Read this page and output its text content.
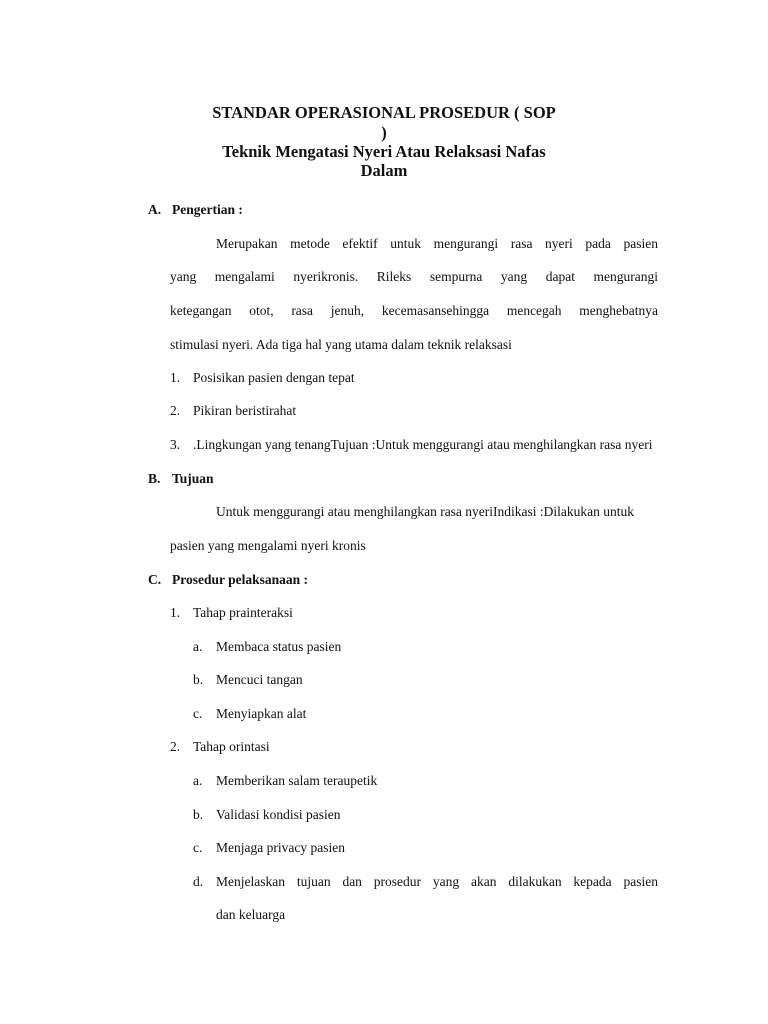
STANDAR OPERASIONAL PROSEDUR ( SOP
)
Teknik Mengatasi Nyeri Atau Relaksasi Nafas
Dalam
A. Pengertian :
Merupakan metode efektif untuk mengurangi rasa nyeri pada pasien
yang mengalami nyerikronis. Rileks sempurna yang dapat mengurangi
ketegangan otot, rasa jenuh, kecemasansehingga mencegah menghebatnya
stimulasi nyeri. Ada tiga hal yang utama dalam teknik relaksasi
1. Posisikan pasien dengan tepat
2. Pikiran beristirahat
3. .Lingkungan yang tenangTujuan :Untuk menggurangi atau menghilangkan rasa nyeri
B. Tujuan
Untuk menggurangi atau menghilangkan rasa nyeriIndikasi :Dilakukan untuk
pasien yang mengalami nyeri kronis
C. Prosedur pelaksanaan :
1. Tahap prainteraksi
a. Membaca status pasien
b. Mencuci tangan
c. Menyiapkan alat
2. Tahap orintasi
a. Memberikan salam teraupetik
b. Validasi kondisi pasien
c. Menjaga privacy pasien
d. Menjelaskan tujuan dan prosedur yang akan dilakukan kepada pasien
dan keluarga
